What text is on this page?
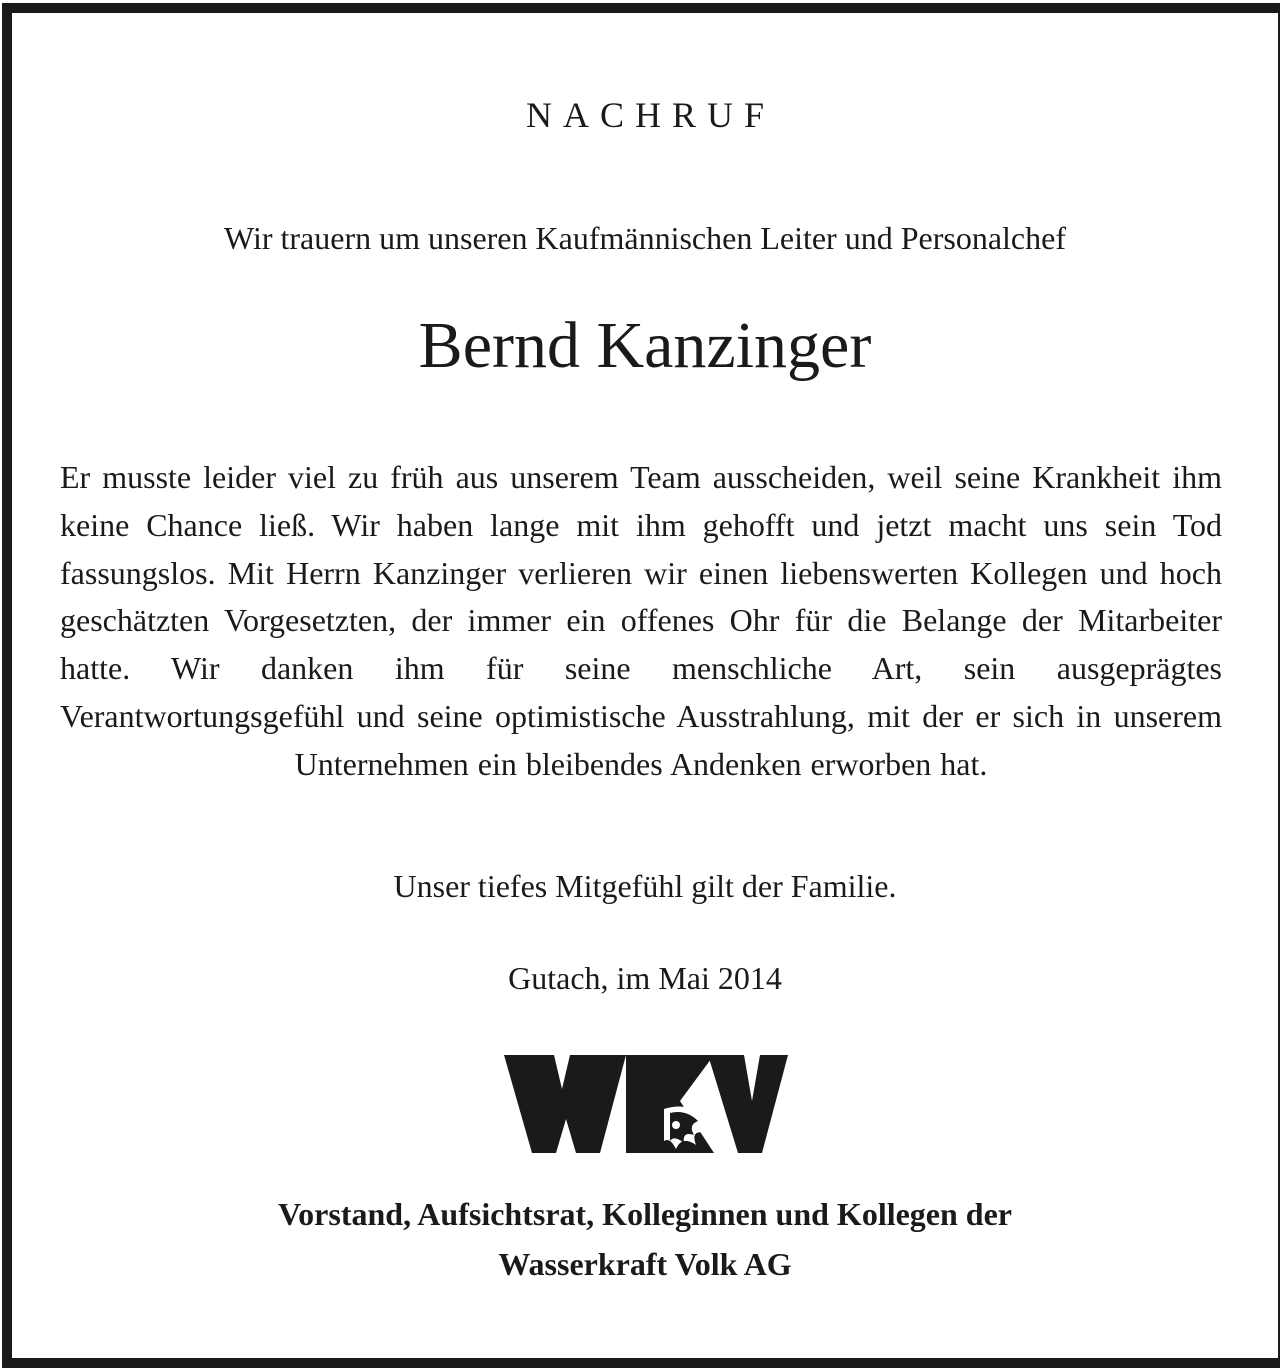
NACHRUF
Wir trauern um unseren Kaufmännischen Leiter und Personalchef
Bernd Kanzinger

Er musste leider viel zu früh aus unserem Team ausscheiden, weil seine Krankheit ihm keine Chance ließ. Wir haben lange mit ihm gehofft und jetzt macht uns sein Tod fassungslos. Mit Herrn Kanzinger verlieren wir einen liebenswerten Kollegen und hoch geschätzten Vorgesetzten, der immer ein offenes Ohr für die Belange der Mitarbeiter hatte. Wir danken ihm für seine menschliche Art, sein ausgeprägtes Verantwortungsgefühl und seine optimistische Ausstrahlung, mit der er sich in unserem Unternehmen ein bleibendes Andenken erworben hat.

Unser tiefes Mitgefühl gilt der Familie.
Gutach, im Mai 2014
Vorstand, Aufsichtsrat, Kolleginnen und Kollegen der
Wasserkraft Volk AG
